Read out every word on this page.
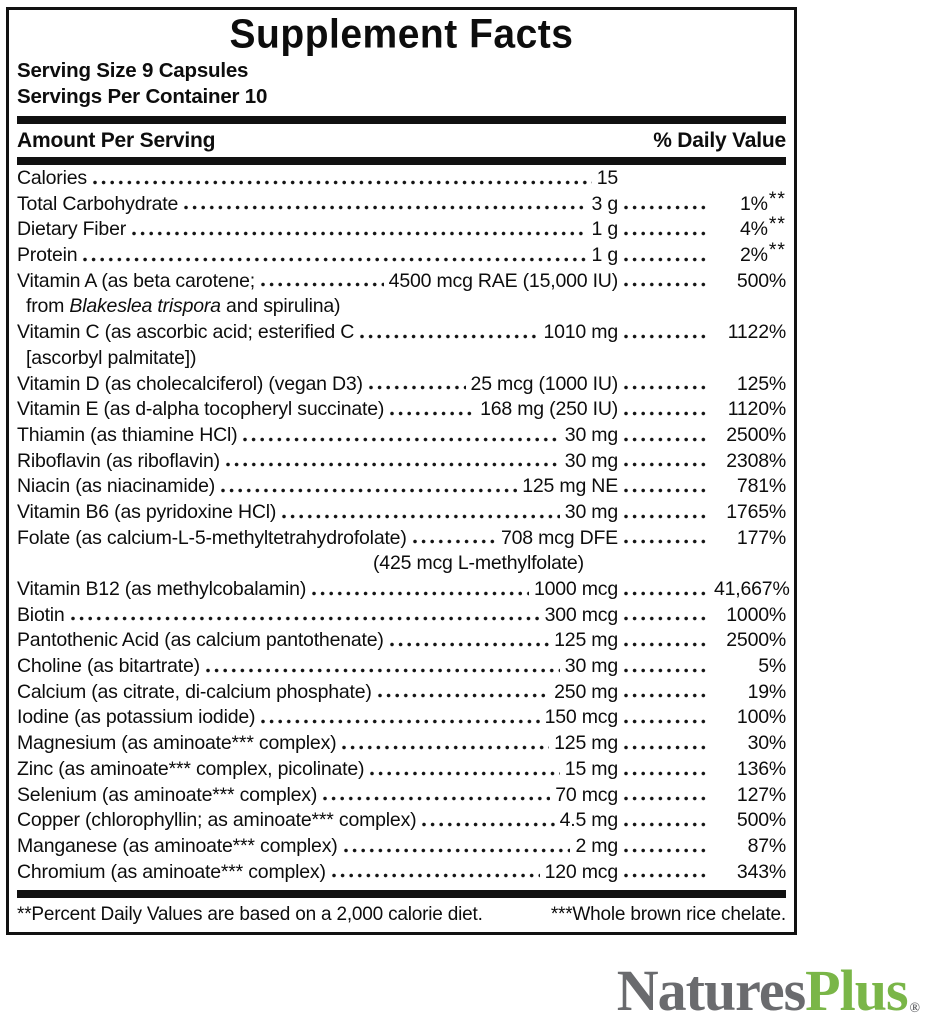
Supplement Facts
Serving Size 9 Capsules
Servings Per Container 10
Amount Per Serving	% Daily Value
Calories	15
Total Carbohydrate	3 g	1%**
Dietary Fiber	1 g	4%**
Protein	1 g	2%**
Vitamin A (as beta carotene;	4500 mcg RAE (15,000 IU)	500%
from Blakeslea trispora and spirulina)
Vitamin C (as ascorbic acid; esterified C	1010 mg	1122%
[ascorbyl palmitate])
Vitamin D (as cholecalciferol) (vegan D3)	25 mcg (1000 IU)	125%
Vitamin E (as d-alpha tocopheryl succinate)	168 mg (250 IU)	1120%
Thiamin (as thiamine HCl)	30 mg	2500%
Riboflavin (as riboflavin)	30 mg	2308%
Niacin (as niacinamide)	125 mg NE	781%
Vitamin B6 (as pyridoxine HCl)	30 mg	1765%
Folate (as calcium-L-5-methyltetrahydrofolate)	708 mcg DFE	177%
(425 mcg L-methylfolate)
Vitamin B12 (as methylcobalamin)	1000 mcg	41,667%
Biotin	300 mcg	1000%
Pantothenic Acid (as calcium pantothenate)	125 mg	2500%
Choline (as bitartrate)	30 mg	5%
Calcium (as citrate, di-calcium phosphate)	250 mg	19%
Iodine (as potassium iodide)	150 mcg	100%
Magnesium (as aminoate*** complex)	125 mg	30%
Zinc (as aminoate*** complex, picolinate)	15 mg	136%
Selenium (as aminoate*** complex)	70 mcg	127%
Copper (chlorophyllin; as aminoate*** complex)	4.5 mg	500%
Manganese (as aminoate*** complex)	2 mg	87%
Chromium (as aminoate*** complex)	120 mcg	343%
**Percent Daily Values are based on a 2,000 calorie diet.	***Whole brown rice chelate.
NaturesPlus ®
